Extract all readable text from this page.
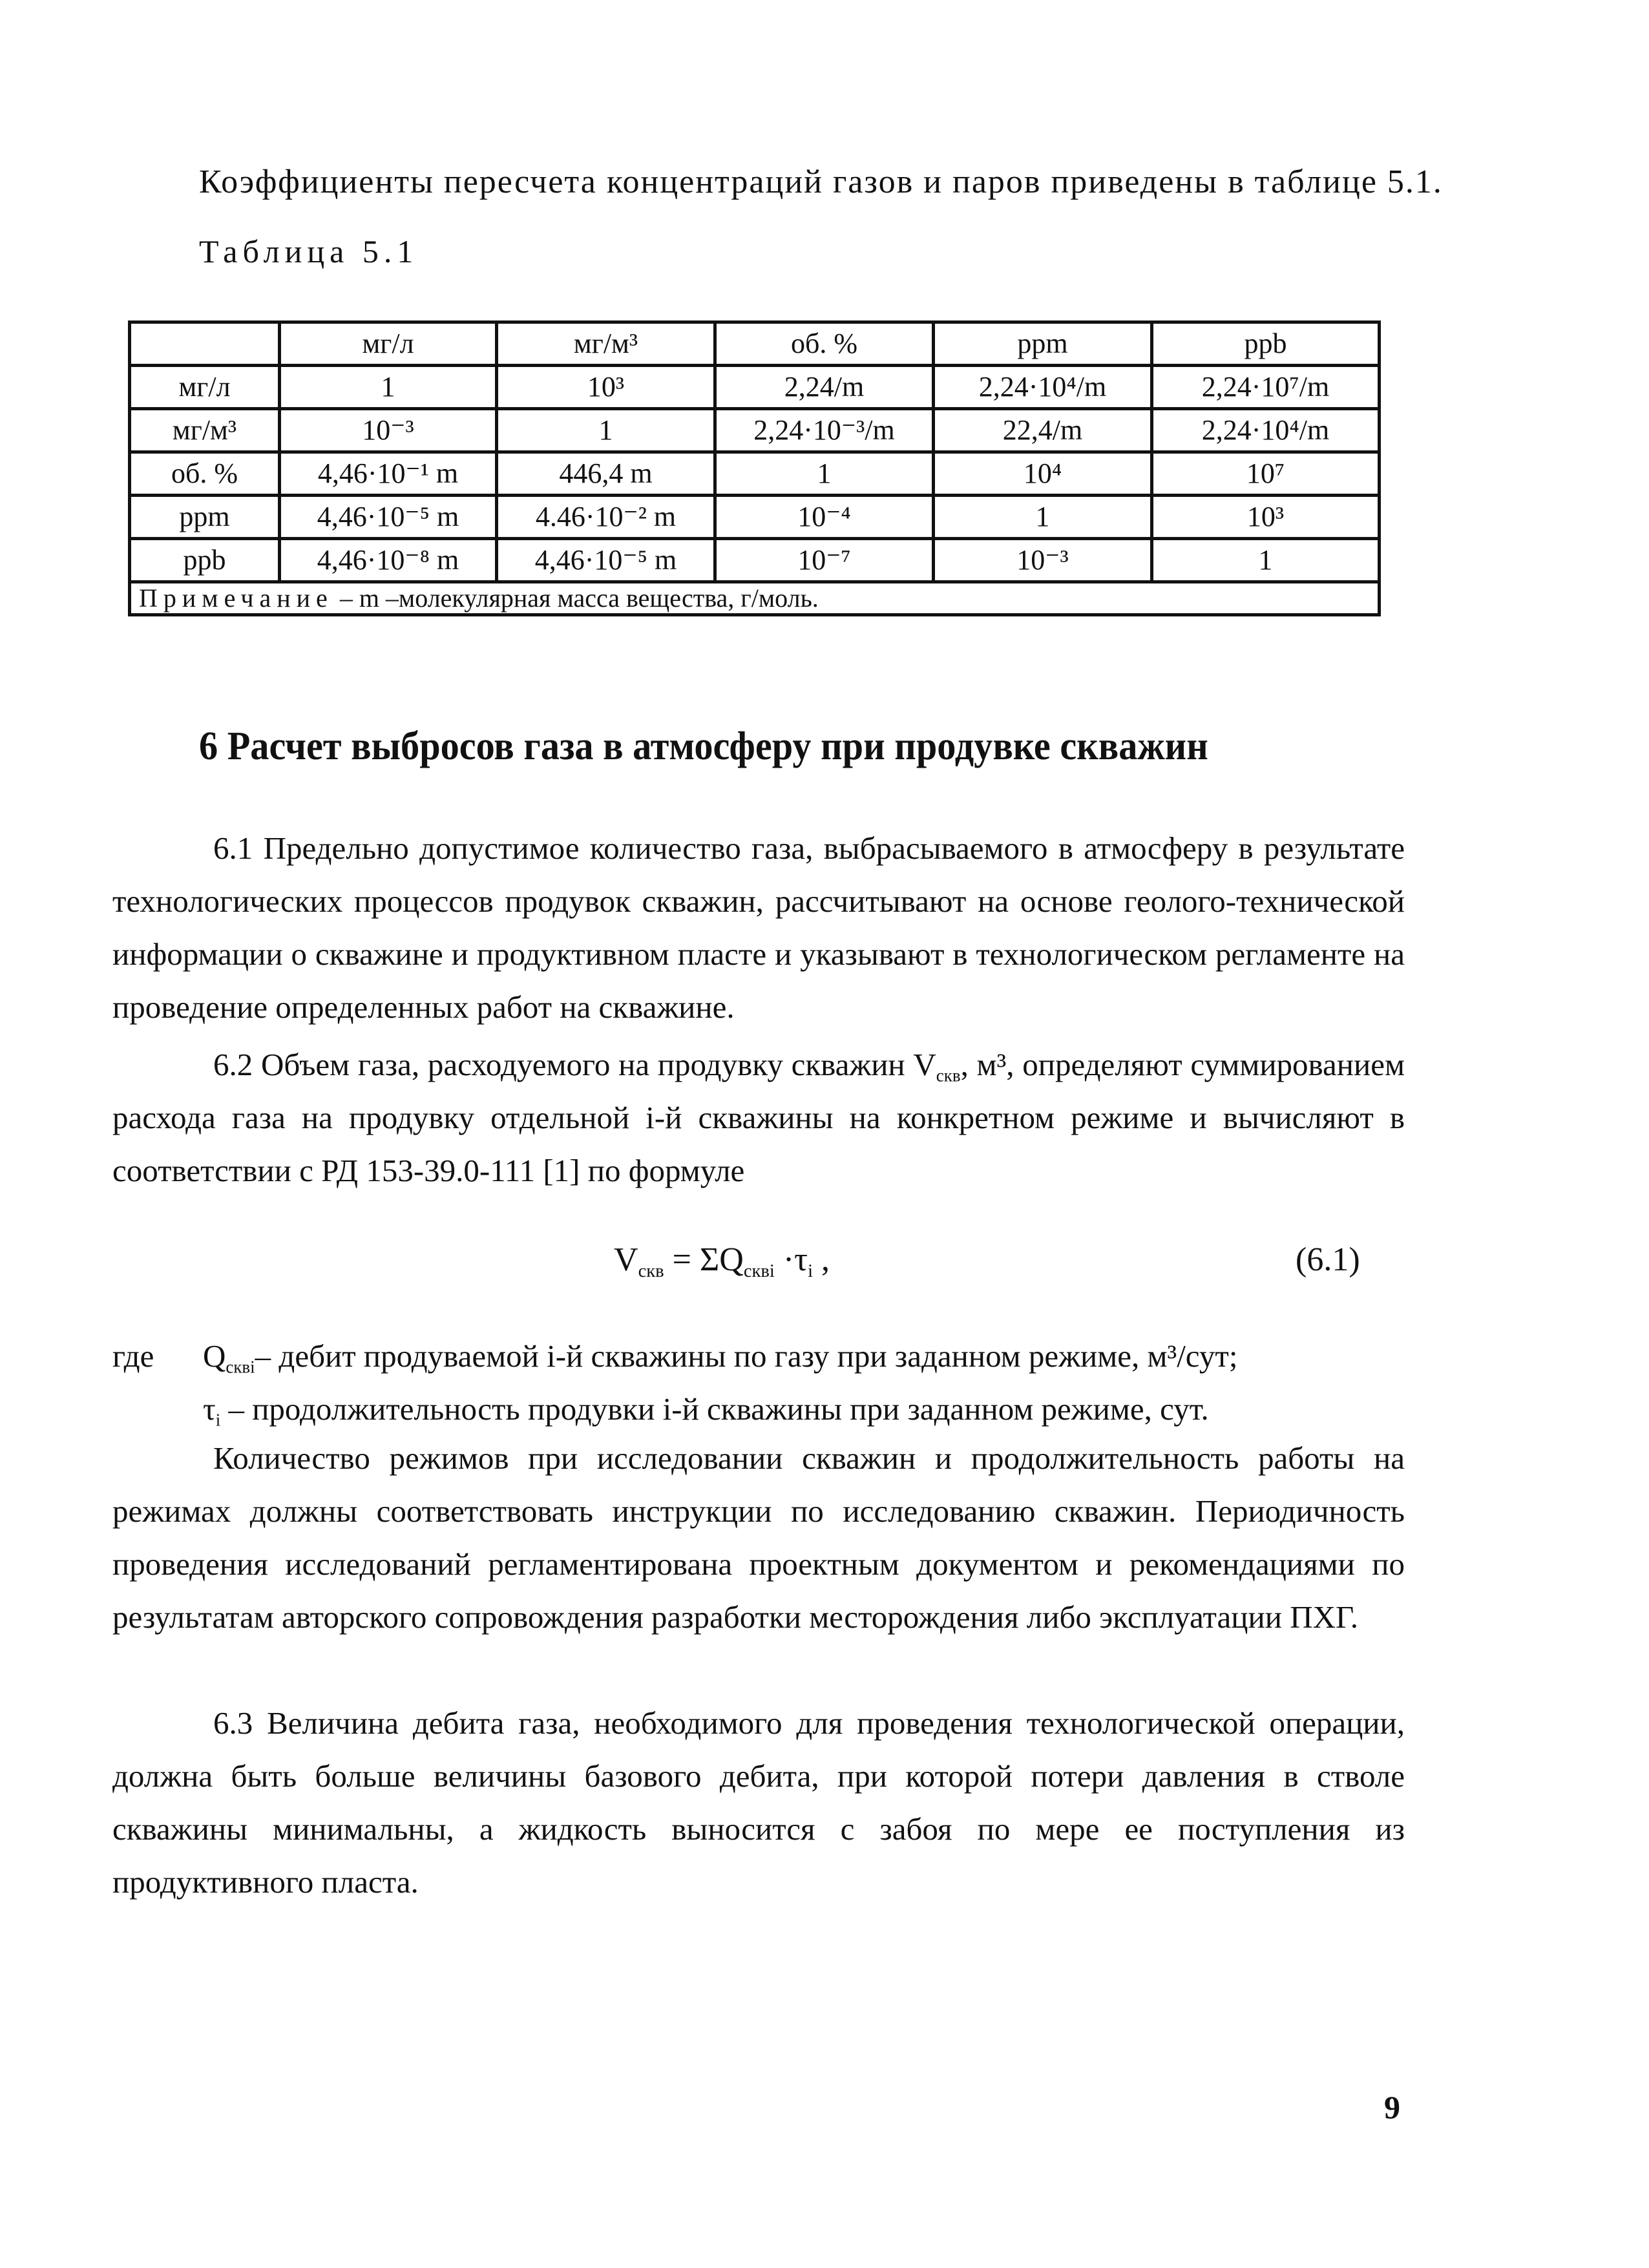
Коэффициенты пересчета концентраций газов и паров приведены в таблице 5.1.
Таблица 5.1
	мг/л	мг/м³	об. %	ppm	ppb
мг/л	1	10³	2,24/m	2,24·10⁴/m	2,24·10⁷/m
мг/м³	10⁻³	1	2,24·10⁻³/m	22,4/m	2,24·10⁴/m
об. %	4,46·10⁻¹ m	446,4 m	1	10⁴	10⁷
ppm	4,46·10⁻⁵ m	4.46·10⁻² m	10⁻⁴	1	10³
ppb	4,46·10⁻⁸ m	4,46·10⁻⁵ m	10⁻⁷	10⁻³	1
Примечание – m –молекулярная масса вещества, г/моль.					
6 Расчет выбросов газа в атмосферу при продувке скважин
6.1 Предельно допустимое количество газа, выбрасываемого в атмосферу в результате технологических процессов продувок скважин, рассчитывают на основе геолого-технической информации о скважине и продуктивном пласте и указывают в технологическом регламенте на проведение определенных работ на скважине.
6.2 Объем газа, расходуемого на продувку скважин $V_{скв}$, м³, определяют суммированием расхода газа на продувку отдельной i-й скважины на конкретном режиме и вычисляют в соответствии с РД 153-39.0-111 [1] по формуле
$V_{скв} = \Sigma Q_{сквi} \cdot\tau_i$ ,	(6.1)
где $Q_{сквi}-$ дебит продуваемой i-й скважины по газу при заданном режиме, м³/сут;
$\tau_i$ – продолжительность продувки i-й скважины при заданном режиме, сут.
Количество режимов при исследовании скважин и продолжительность работы на режимах должны соответствовать инструкции по исследованию скважин. Периодичность проведения исследований регламентирована проектным документом и рекомендациями по результатам авторского сопровождения разработки месторождения либо эксплуатации ПХГ.
6.3 Величина дебита газа, необходимого для проведения технологической операции, должна быть больше величины базового дебита, при которой потери давления в стволе скважины минимальны, а жидкость выносится с забоя по мере ее поступления из продуктивного пласта.
9
